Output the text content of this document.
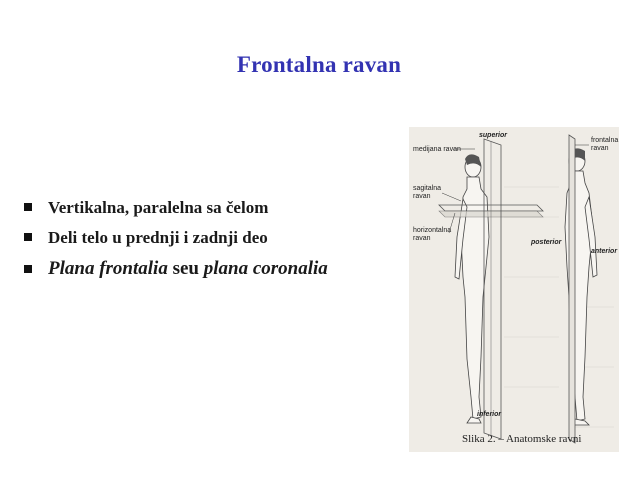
Frontalna ravan
Vertikalna, paralelna sa čelom
Deli telo u prednji i zadnji deo
Plana frontalia seu plana coronalia
superior
medijana ravan
sagitalna
ravan
horizontalna
ravan
frontalna
ravan
posterior
anterior
inferior
Slika 2. – Anatomske ravni
